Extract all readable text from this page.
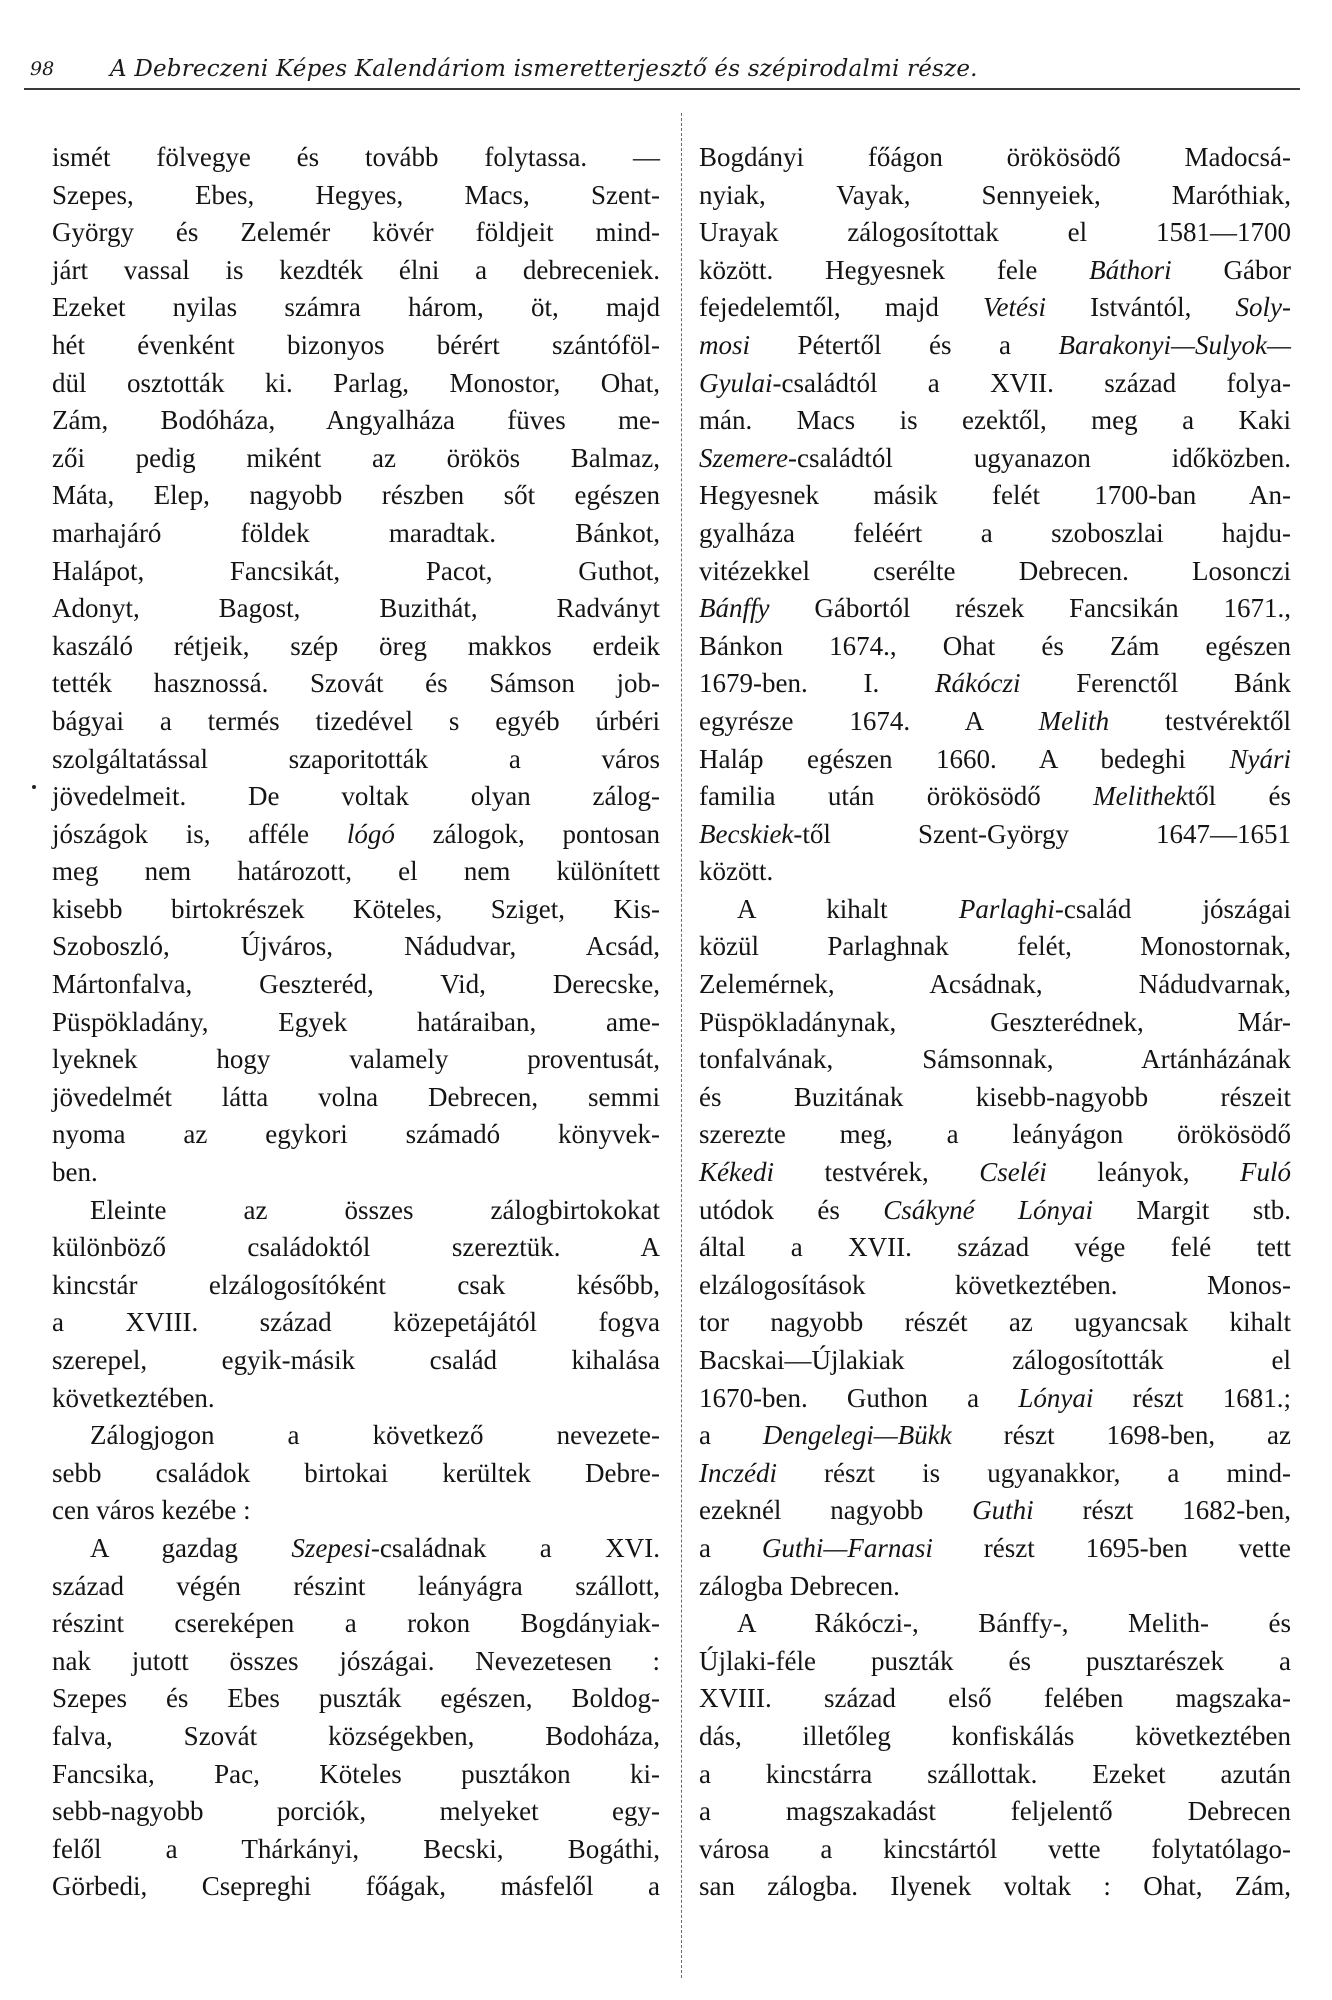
98 A Debreczeni Képes Kalendáriom ismeretterjesztő és szépirodalmi része.
ismét fölvegye és tovább folytassa. —
Szepes, Ebes, Hegyes, Macs, Szent-
György és Zelemér kövér földjeit mind-
járt vassal is kezdték élni a debreceniek.
Ezeket nyilas számra három, öt, majd
hét évenként bizonyos bérért szántóföl-
dül osztották ki. Parlag, Monostor, Ohat,
Zám, Bodóháza, Angyalháza füves me-
zői pedig miként az örökös Balmaz,
Máta, Elep, nagyobb részben sőt egészen
marhajáró földek maradtak. Bánkot,
Halápot, Fancsikát, Pacot, Guthot,
Adonyt, Bagost, Buzithát, Radványt
kaszáló rétjeik, szép öreg makkos erdeik
tették hasznossá. Szovát és Sámson job-
bágyai a termés tizedével s egyéb úrbéri
szolgáltatással szaporitották a város
jövedelmeit. De voltak olyan zálog-
jószágok is, afféle lógó zálogok, pontosan
meg nem határozott, el nem különített
kisebb birtokrészek Köteles, Sziget, Kis-
Szoboszló, Újváros, Nádudvar, Acsád,
Mártonfalva, Geszteréd, Vid, Derecske,
Püspökladány, Egyek határaiban, ame-
lyeknek hogy valamely proventusát,
jövedelmét látta volna Debrecen, semmi
nyoma az egykori számadó könyvek-
ben.
Eleinte az összes zálogbirtokokat
különböző családoktól szereztük. A
kincstár elzálogosítóként csak később,
a XVIII. század közepetájától fogva
szerepel, egyik-másik család kihalása
következtében.
Zálogjogon a következő nevezete-
sebb családok birtokai kerültek Debre-
cen város kezébe :
A gazdag Szepesi-családnak a XVI.
század végén részint leányágra szállott,
részint csereképen a rokon Bogdányiak-
nak jutott összes jószágai. Nevezetesen :
Szepes és Ebes puszták egészen, Boldog-
falva, Szovát községekben, Bodoháza,
Fancsika, Pac, Köteles pusztákon ki-
sebb-nagyobb porciók, melyeket egy-
felől a Thárkányi, Becski, Bogáthi,
Görbedi, Csepreghi főágak, másfelől a
Bogdányi főágon örökösödő Madocsá-
nyiak, Vayak, Sennyeiek, Maróthiak,
Urayak zálogosítottak el 1581—1700
között. Hegyesnek fele Báthori Gábor
fejedelemtől, majd Vetési Istvántól, Soly-
mosi Pétertől és a Barakonyi—Sulyok—
Gyulai-családtól a XVII. század folya-
mán. Macs is ezektől, meg a Kaki
Szemere-családtól ugyanazon időközben.
Hegyesnek másik felét 1700-ban An-
gyalháza feléért a szoboszlai hajdu-
vitézekkel cserélte Debrecen. Losonczi
Bánffy Gábortól részek Fancsikán 1671.,
Bánkon 1674., Ohat és Zám egészen
1679-ben. I. Rákóczi Ferenctől Bánk
egyrésze 1674. A Melith testvérektől
Haláp egészen 1660. A bedeghi Nyári
familia után örökösödő Melithektől és
Becskiek-től Szent-György 1647—1651
között.
A kihalt Parlaghi-család jószágai
közül Parlaghnak felét, Monostornak,
Zelemérnek, Acsádnak, Nádudvarnak,
Püspökladánynak, Geszterédnek, Már-
tonfalvának, Sámsonnak, Artánházának
és Buzitának kisebb-nagyobb részeit
szerezte meg, a leányágon örökösödő
Kékedi testvérek, Cseléi leányok, Fuló
utódok és Csákyné Lónyai Margit stb.
által a XVII. század vége felé tett
elzálogosítások következtében. Monos-
tor nagyobb részét az ugyancsak kihalt
Bacskai—Újlakiak zálogosították el
1670-ben. Guthon a Lónyai részt 1681.;
a Dengelegi—Bükk részt 1698-ben, az
Inczédi részt is ugyanakkor, a mind-
ezeknél nagyobb Guthi részt 1682-ben,
a Guthi—Farnasi részt 1695-ben vette
zálogba Debrecen.
A Rákóczi-, Bánffy-, Melith- és
Újlaki-féle puszták és pusztarészek a
XVIII. század első felében magszaka-
dás, illetőleg konfiskálás következtében
a kincstárra szállottak. Ezeket azután
a magszakadást feljelentő Debrecen
városa a kincstártól vette folytatólago-
san zálogba. Ilyenek voltak : Ohat, Zám,
